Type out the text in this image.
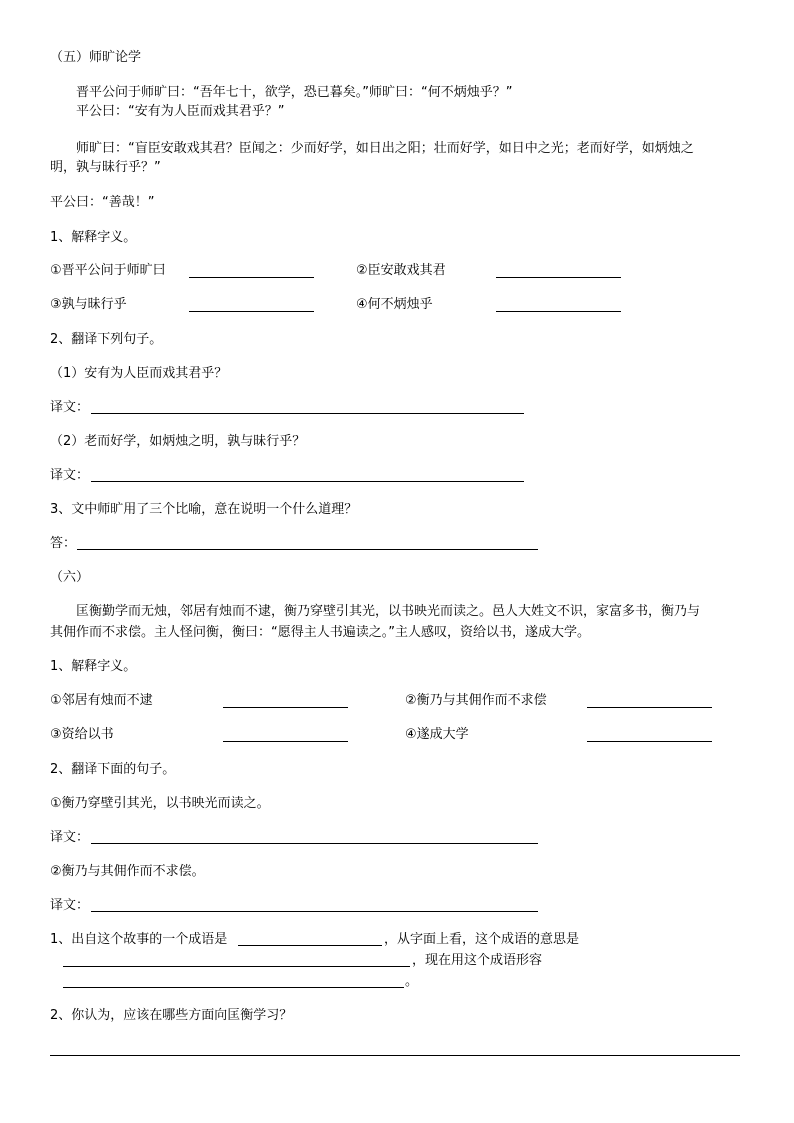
（五）师旷论学
晋平公问于师旷曰：“吾年七十，欲学，恐已暮矣。”师旷曰：“何不炳烛乎？”
平公曰：“安有为人臣而戏其君乎？”
师旷曰：“盲臣安敢戏其君？臣闻之：少而好学，如日出之阳；壮而好学，如日中之光；老而好学，如炳烛之
明，孰与昧行乎？”
平公曰：“善哉！”
1、解释字义。
①晋平公问于师旷曰	②臣安敢戏其君
③孰与昧行乎	④何不炳烛乎
2、翻译下列句子。
（1）安有为人臣而戏其君乎？
译文：
（2）老而好学，如炳烛之明，孰与昧行乎？
译文：
3、文中师旷用了三个比喻，意在说明一个什么道理？
答：
（六）
匡衡勤学而无烛，邻居有烛而不逮，衡乃穿壁引其光，以书映光而读之。邑人大姓文不识，家富多书，衡乃与
其佣作而不求偿。主人怪问衡，衡曰：“愿得主人书遍读之。”主人感叹，资给以书，遂成大学。
1、解释字义。
①邻居有烛而不逮	②衡乃与其佣作而不求偿
③资给以书	④遂成大学
2、翻译下面的句子。
①衡乃穿壁引其光，以书映光而读之。
译文：
②衡乃与其佣作而不求偿。
译文：
1、出自这个故事的一个成语是	，从字面上看，这个成语的意思是
，现在用这个成语形容
。
2、你认为，应该在哪些方面向匡衡学习？
